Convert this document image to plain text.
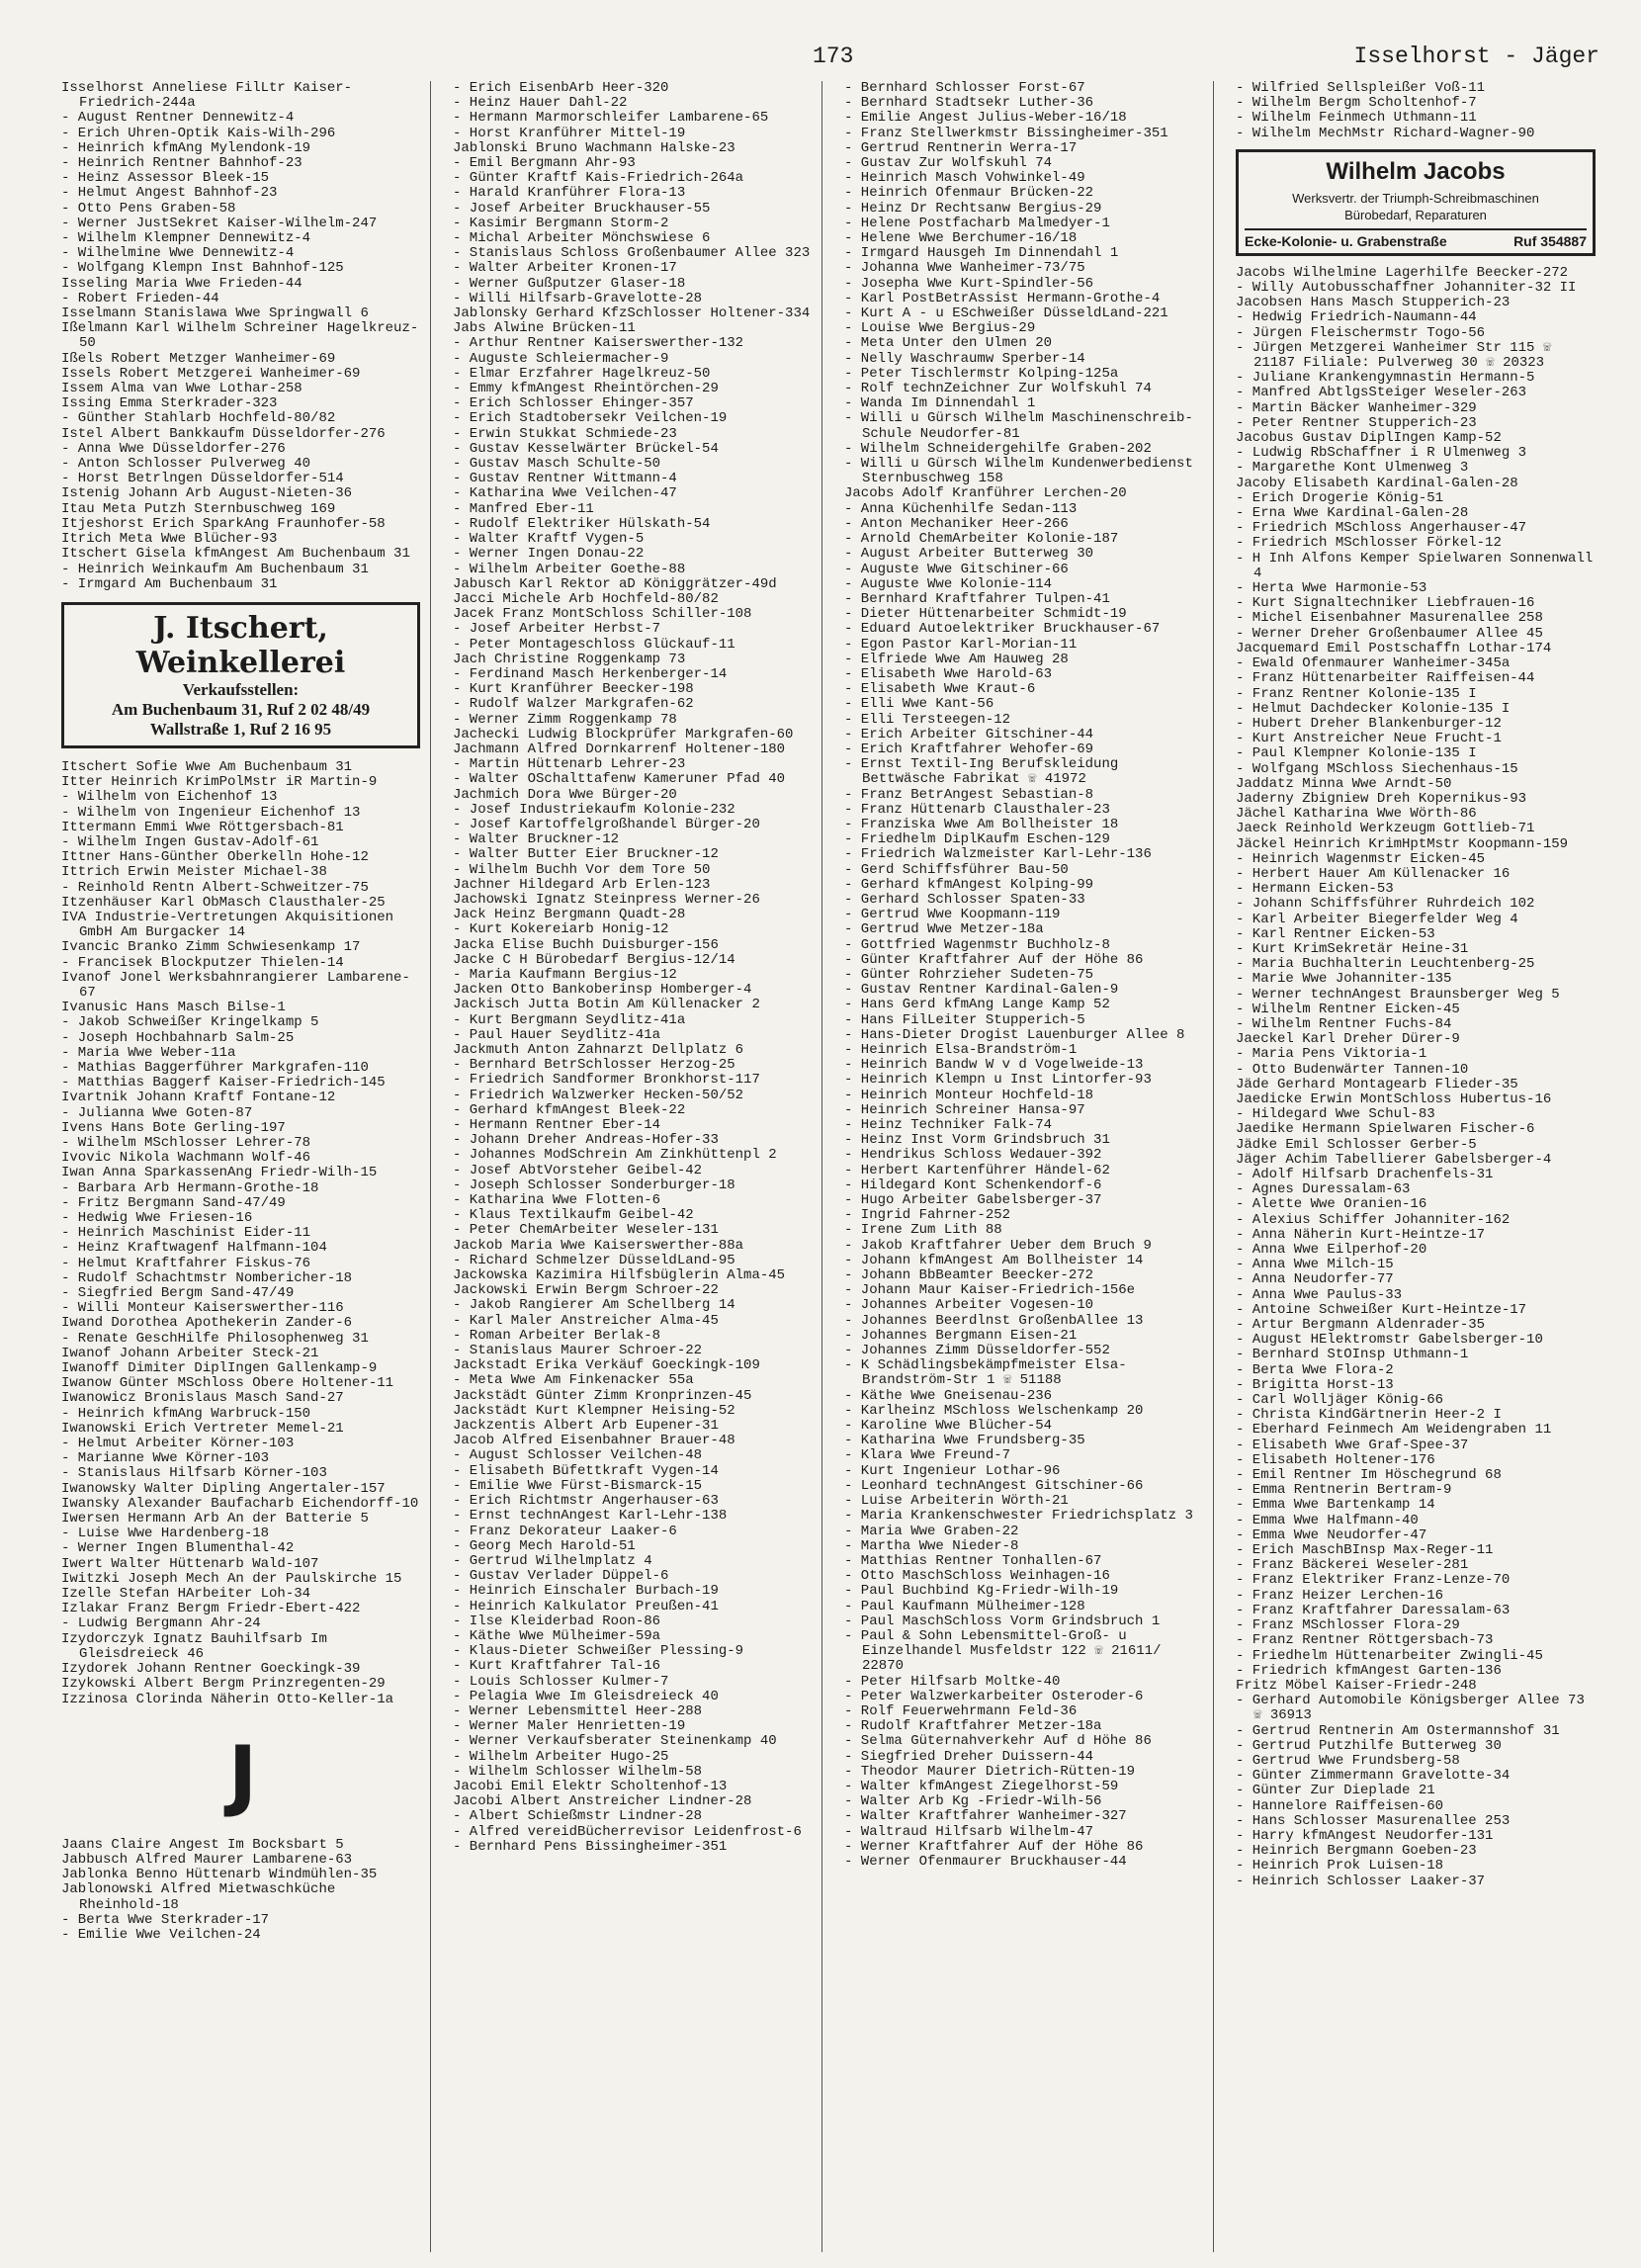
173	Isselhorst - Jäger
Isselhorst Anneliese FilLtr Kaiser-Friedrich-244a
- August Rentner Dennewitz-4
- Erich Uhren-Optik Kais-Wilh-296
- Heinrich kfmAng Mylendonk-19
- Heinrich Rentner Bahnhof-23
- Heinz Assessor Bleek-15
- Helmut Angest Bahnhof-23
- Otto Pens Graben-58
- Werner JustSekret Kaiser-Wilhelm-247
- Wilhelm Klempner Dennewitz-4
- Wilhelmine Wwe Dennewitz-4
- Wolfgang Klempn Inst Bahnhof-125
Isseling Maria Wwe Frieden-44
- Robert Frieden-44
Isselmann Stanislawa Wwe Springwall 6
Ißelmann Karl Wilhelm Schreiner Hagelkreuz-50
Ißels Robert Metzger Wanheimer-69
Issels Robert Metzgerei Wanheimer-69
Issem Alma van Wwe Lothar-258
Issing Emma Sterkrader-323
- Günther Stahlarb Hochfeld-80/82
Istel Albert Bankkaufm Düsseldorfer-276
- Anna Wwe Düsseldorfer-276
- Anton Schlosser Pulverweg 40
- Horst Betrlngen Düsseldorfer-514
Istenig Johann Arb August-Nieten-36
Itau Meta Putzh Sternbuschweg 169
Itjeshorst Erich SparkAng Fraunhofer-58
Itrich Meta Wwe Blücher-93
Itschert Gisela kfmAngest Am Buchenbaum 31
- Heinrich Weinkaufm Am Buchenbaum 31
- Irmgard Am Buchenbaum 31
J. Itschert, Weinkellerei
Verkaufsstellen:
Am Buchenbaum 31, Ruf 2 02 48/49
Wallstraße 1, Ruf 2 16 95
Itschert Sofie Wwe Am Buchenbaum 31
Itter Heinrich KrimPolMstr iR Martin-9
- Wilhelm von Eichenhof 13
- Wilhelm von Ingenieur Eichenhof 13
Ittermann Emmi Wwe Röttgersbach-81
- Wilhelm Ingen Gustav-Adolf-61
Ittner Hans-Günther Oberkelln Hohe-12
Ittrich Erwin Meister Michael-38
- Reinhold Rentn Albert-Schweitzer-75
Itzenhäuser Karl ObMasch Clausthaler-25
IVA Industrie-Vertretungen Akquisitionen GmbH Am Burgacker 14
Ivancic Branko Zimm Schwiesenkamp 17
- Francisek Blockputzer Thielen-14
Ivanof Jonel Werksbahnrangierer Lambarene-67
Ivanusic Hans Masch Bilse-1
- Jakob Schweißer Kringelkamp 5
- Joseph Hochbahnarb Salm-25
- Maria Wwe Weber-11a
- Mathias Baggerführer Markgrafen-110
- Matthias Baggerf Kaiser-Friedrich-145
Ivartnik Johann Kraftf Fontane-12
- Julianna Wwe Goten-87
Ivens Hans Bote Gerling-197
- Wilhelm MSchlosser Lehrer-78
Ivovic Nikola Wachmann Wolf-46
Iwan Anna SparkassenAng Friedr-Wilh-15
- Barbara Arb Hermann-Grothe-18
- Fritz Bergmann Sand-47/49
- Hedwig Wwe Friesen-16
- Heinrich Maschinist Eider-11
- Heinz Kraftwagenf Halfmann-104
- Helmut Kraftfahrer Fiskus-76
- Rudolf Schachtmstr Nombericher-18
- Siegfried Bergm Sand-47/49
- Willi Monteur Kaiserswerther-116
Iwand Dorothea Apothekerin Zander-6
- Renate GeschHilfe Philosophenweg 31
Iwanof Johann Arbeiter Steck-21
Iwanoff Dimiter DiplIngen Gallenkamp-9
Iwanow Günter MSchloss Obere Holtener-11
Iwanowicz Bronislaus Masch Sand-27
- Heinrich kfmAng Warbruck-150
Iwanowski Erich Vertreter Memel-21
- Helmut Arbeiter Körner-103
- Marianne Wwe Körner-103
- Stanislaus Hilfsarb Körner-103
Iwanowsky Walter Dipling Angertaler-157
Iwansky Alexander Baufacharb Eichendorff-10
Iwersen Hermann Arb An der Batterie 5
- Luise Wwe Hardenberg-18
- Werner Ingen Blumenthal-42
Iwert Walter Hüttenarb Wald-107
Iwitzki Joseph Mech An der Paulskirche 15
Izelle Stefan HArbeiter Loh-34
Izlakar Franz Bergm Friedr-Ebert-422
- Ludwig Bergmann Ahr-24
Izydorczyk Ignatz Bauhilfsarb Im Gleisdreieck 46
Izydorek Johann Rentner Goeckingk-39
Izykowski Albert Bergm Prinzregenten-29
Izzinosa Clorinda Näherin Otto-Keller-1a
J
Jaans Claire Angest Im Bocksbart 5
Jabbusch Alfred Maurer Lambarene-63
Jablonka Benno Hüttenarb Windmühlen-35
Jablonowski Alfred Mietwaschküche Rheinhold-18
- Berta Wwe Sterkrader-17
- Emilie Wwe Veilchen-24
- Erich EisenbArb Heer-320
- Heinz Hauer Dahl-22
- Hermann Marmorschleifer Lambarene-65
- Horst Kranführer Mittel-19
Jablonski Bruno Wachmann Halske-23
- Emil Bergmann Ahr-93
- Günter Kraftf Kais-Friedrich-264a
- Harald Kranführer Flora-13
- Josef Arbeiter Bruckhauser-55
- Kasimir Bergmann Storm-2
- Michal Arbeiter Mönchswiese 6
- Stanislaus Schloss Großenbaumer Allee 323
- Walter Arbeiter Kronen-17
- Werner Gußputzer Glaser-18
- Willi Hilfsarb-Gravelotte-28
Jablonsky Gerhard KfzSchlosser Holtener-334
Jabs Alwine Brücken-11
- Arthur Rentner Kaiserswerther-132
- Auguste Schleiermacher-9
- Elmar Erzfahrer Hagelkreuz-50
- Emmy kfmAngest Rheintörchen-29
- Erich Schlosser Ehinger-357
- Erich Stadtobersekr Veilchen-19
- Erwin Stukkat Schmiede-23
- Gustav Kesselwärter Brückel-54
- Gustav Masch Schulte-50
- Gustav Rentner Wittmann-4
- Katharina Wwe Veilchen-47
- Manfred Eber-11
- Rudolf Elektriker Hülskath-54
- Walter Kraftf Vygen-5
- Werner Ingen Donau-22
- Wilhelm Arbeiter Goethe-88
Jabusch Karl Rektor aD Königgrätzer-49d
Jacci Michele Arb Hochfeld-80/82
Jacek Franz MontSchloss Schiller-108
- Josef Arbeiter Herbst-7
- Peter Montageschloss Glückauf-11
Jach Christine Roggenkamp 73
- Ferdinand Masch Herkenberger-14
- Kurt Kranführer Beecker-198
- Rudolf Walzer Markgrafen-62
- Werner Zimm Roggenkamp 78
Jachecki Ludwig Blockprüfer Markgrafen-60
Jachmann Alfred Dornkarrenf Holtener-180
- Martin Hüttenarb Lehrer-23
- Walter OSchalttafenw Kameruner Pfad 40
Jachmich Dora Wwe Bürger-20
- Josef Industriekaufm Kolonie-232
- Josef Kartoffelgroßhandel Bürger-20
- Walter Bruckner-12
- Walter Butter Eier Bruckner-12
- Wilhelm Buchh Vor dem Tore 50
Jachner Hildegard Arb Erlen-123
Jachowski Ignatz Steinpress Werner-26
Jack Heinz Bergmann Quadt-28
- Kurt Kokereiarb Honig-12
Jacka Elise Buchh Duisburger-156
Jacke C H Bürobedarf Bergius-12/14
- Maria Kaufmann Bergius-12
Jacken Otto Bankoberinsp Homberger-4
Jackisch Jutta Botin Am Küllenacker 2
- Kurt Bergmann Seydlitz-41a
- Paul Hauer Seydlitz-41a
Jackmuth Anton Zahnarzt Dellplatz 6
- Bernhard BetrSchlosser Herzog-25
- Friedrich Sandformer Bronkhorst-117
- Friedrich Walzwerker Hecken-50/52
- Gerhard kfmAngest Bleek-22
- Hermann Rentner Eber-14
- Johann Dreher Andreas-Hofer-33
- Johannes ModSchrein Am Zinkhüttenpl 2
- Josef AbtVorsteher Geibel-42
- Joseph Schlosser Sonderburger-18
- Katharina Wwe Flotten-6
- Klaus Textilkaufm Geibel-42
- Peter ChemArbeiter Weseler-131
Jackob Maria Wwe Kaiserswerther-88a
- Richard Schmelzer DüsseldLand-95
Jackowska Kazimira Hilfsbüglerin Alma-45
Jackowski Erwin Bergm Schroer-22
- Jakob Rangierer Am Schellberg 14
- Karl Maler Anstreicher Alma-45
- Roman Arbeiter Berlak-8
- Stanislaus Maurer Schroer-22
Jackstadt Erika Verkäuf Goeckingk-109
- Meta Wwe Am Finkenacker 55a
Jackstädt Günter Zimm Kronprinzen-45
Jackstädt Kurt Klempner Heising-52
Jackzentis Albert Arb Eupener-31
Jacob Alfred Eisenbahner Brauer-48
- August Schlosser Veilchen-48
- Elisabeth Büfettkraft Vygen-14
- Emilie Wwe Fürst-Bismarck-15
- Erich Richtmstr Angerhauser-63
- Ernst technAngest Karl-Lehr-138
- Franz Dekorateur Laaker-6
- Georg Mech Harold-51
- Gertrud Wilhelmplatz 4
- Gustav Verlader Düppel-6
- Heinrich Einschaler Burbach-19
- Heinrich Kalkulator Preußen-41
- Ilse Kleiderbad Roon-86
- Käthe Wwe Mülheimer-59a
- Klaus-Dieter Schweißer Plessing-9
- Kurt Kraftfahrer Tal-16
- Louis Schlosser Kulmer-7
- Pelagia Wwe Im Gleisdreieck 40
- Werner Lebensmittel Heer-288
- Werner Maler Henrietten-19
- Werner Verkaufsberater Steinenkamp 40
- Wilhelm Arbeiter Hugo-25
- Wilhelm Schlosser Wilhelm-58
Jacobi Emil Elektr Scholtenhof-13
Jacobi Albert Anstreicher Lindner-28
- Albert Schießmstr Lindner-28
- Alfred vereidBücherrevisor Leidenfrost-6
- Bernhard Pens Bissingheimer-351
- Bernhard Schlosser Forst-67
- Bernhard Stadtsekr Luther-36
- Emilie Angest Julius-Weber-16/18
- Franz Stellwerkmstr Bissingheimer-351
- Gertrud Rentnerin Werra-17
- Gustav Zur Wolfskuhl 74
- Heinrich Masch Vohwinkel-49
- Heinrich Ofenmaur Brücken-22
- Heinz Dr Rechtsanw Bergius-29
- Helene Postfacharb Malmedyer-1
- Helene Wwe Berchumer-16/18
- Irmgard Hausgeh Im Dinnendahl 1
- Johanna Wwe Wanheimer-73/75
- Josepha Wwe Kurt-Spindler-56
- Karl PostBetrAssist Hermann-Grothe-4
- Kurt A - u ESchweißer DüsseldLand-221
- Louise Wwe Bergius-29
- Meta Unter den Ulmen 20
- Nelly Waschraumw Sperber-14
- Peter Tischlermstr Kolping-125a
- Rolf technZeichner Zur Wolfskuhl 74
- Wanda Im Dinnendahl 1
- Willi u Gürsch Wilhelm Maschinenschreib-Schule Neudorfer-81
- Wilhelm Schneidergehilfe Graben-202
- Willi u Gürsch Wilhelm Kundenwerbedienst Sternbuschweg 158
Jacobs Adolf Kranführer Lerchen-20
- Anna Küchenhilfe Sedan-113
- Anton Mechaniker Heer-266
- Arnold ChemArbeiter Kolonie-187
- August Arbeiter Butterweg 30
- Auguste Wwe Gitschiner-66
- Auguste Wwe Kolonie-114
- Bernhard Kraftfahrer Tulpen-41
- Dieter Hüttenarbeiter Schmidt-19
- Eduard Autoelektriker Bruckhauser-67
- Egon Pastor Karl-Morian-11
- Elfriede Wwe Am Hauweg 28
- Elisabeth Wwe Harold-63
- Elisabeth Wwe Kraut-6
- Elli Wwe Kant-56
- Elli Tersteegen-12
- Erich Arbeiter Gitschiner-44
- Erich Kraftfahrer Wehofer-69
- Ernst Textil-Ing Berufskleidung Bettwäsche Fabrikat ☏ 41972
- Franz BetrAngest Sebastian-8
- Franz Hüttenarb Clausthaler-23
- Franziska Wwe Am Bollheister 18
- Friedhelm DiplKaufm Eschen-129
- Friedrich Walzmeister Karl-Lehr-136
- Gerd Schiffsführer Bau-50
- Gerhard kfmAngest Kolping-99
- Gerhard Schlosser Spaten-33
- Gertrud Wwe Koopmann-119
- Gertrud Wwe Metzer-18a
- Gottfried Wagenmstr Buchholz-8
- Günter Kraftfahrer Auf der Höhe 86
- Günter Rohrzieher Sudeten-75
- Gustav Rentner Kardinal-Galen-9
- Hans Gerd kfmAng Lange Kamp 52
- Hans FilLeiter Stupperich-5
- Hans-Dieter Drogist Lauenburger Allee 8
- Heinrich Elsa-Brandström-1
- Heinrich Bandw W v d Vogelweide-13
- Heinrich Klempn u Inst Lintorfer-93
- Heinrich Monteur Hochfeld-18
- Heinrich Schreiner Hansa-97
- Heinz Techniker Falk-74
- Heinz Inst Vorm Grindsbruch 31
- Hendrikus Schloss Wedauer-392
- Herbert Kartenführer Händel-62
- Hildegard Kont Schenkendorf-6
- Hugo Arbeiter Gabelsberger-37
- Ingrid Fahrner-252
- Irene Zum Lith 88
- Jakob Kraftfahrer Ueber dem Bruch 9
- Johann kfmAngest Am Bollheister 14
- Johann BbBeamter Beecker-272
- Johann Maur Kaiser-Friedrich-156e
- Johannes Arbeiter Vogesen-10
- Johannes Beerdlnst GroßenbAllee 13
- Johannes Bergmann Eisen-21
- Johannes Zimm Düsseldorfer-552
- K Schädlingsbekämpfmeister Elsa-Brandström-Str 1 ☏ 51188
- Käthe Wwe Gneisenau-236
- Karlheinz MSchloss Welschenkamp 20
- Karoline Wwe Blücher-54
- Katharina Wwe Frundsberg-35
- Klara Wwe Freund-7
- Kurt Ingenieur Lothar-96
- Leonhard technAngest Gitschiner-66
- Luise Arbeiterin Wörth-21
- Maria Krankenschwester Friedrichsplatz 3
- Maria Wwe Graben-22
- Martha Wwe Nieder-8
- Matthias Rentner Tonhallen-67
- Otto MaschSchloss Weinhagen-16
- Paul Buchbind Kg-Friedr-Wilh-19
- Paul Kaufmann Mülheimer-128
- Paul MaschSchloss Vorm Grindsbruch 1
- Paul & Sohn Lebensmittel-Groß- u Einzelhandel Musfeldstr 122 ☏ 21611/ 22870
- Peter Hilfsarb Moltke-40
- Peter Walzwerkarbeiter Osteroder-6
- Rolf Feuerwehrmann Feld-36
- Rudolf Kraftfahrer Metzer-18a
- Selma Güternahverkehr Auf d Höhe 86
- Siegfried Dreher Duissern-44
- Theodor Maurer Dietrich-Rütten-19
- Walter kfmAngest Ziegelhorst-59
- Walter Arb Kg -Friedr-Wilh-56
- Walter Kraftfahrer Wanheimer-327
- Waltraud Hilfsarb Wilhelm-47
- Werner Kraftfahrer Auf der Höhe 86
- Werner Ofenmaurer Bruckhauser-44
- Wilfried Sellspleißer Voß-11
- Wilhelm Bergm Scholtenhof-7
- Wilhelm Feinmech Uthmann-11
- Wilhelm MechMstr Richard-Wagner-90
Wilhelm Jacobs
Werksvertr. der Triumph-Schreibmaschinen
Bürobedarf, Reparaturen
Ecke-Kolonie- u. Grabenstraße	Ruf 354887
Jacobs Wilhelmine Lagerhilfe Beecker-272
- Willy Autobusschaffner Johanniter-32 II
Jacobsen Hans Masch Stupperich-23
- Hedwig Friedrich-Naumann-44
- Jürgen Fleischermstr Togo-56
- Jürgen Metzgerei Wanheimer Str 115 ☏ 21187 Filiale: Pulverweg 30 ☏ 20323
- Juliane Krankengymnastin Hermann-5
- Manfred AbtlgsSteiger Weseler-263
- Martin Bäcker Wanheimer-329
- Peter Rentner Stupperich-23
Jacobus Gustav DiplIngen Kamp-52
- Ludwig RbSchaffner i R Ulmenweg 3
- Margarethe Kont Ulmenweg 3
Jacoby Elisabeth Kardinal-Galen-28
- Erich Drogerie König-51
- Erna Wwe Kardinal-Galen-28
- Friedrich MSchloss Angerhauser-47
- Friedrich MSchlosser Förkel-12
- H Inh Alfons Kemper Spielwaren Sonnenwall 4
- Herta Wwe Harmonie-53
- Kurt Signaltechniker Liebfrauen-16
- Michel Eisenbahner Masurenallee 258
- Werner Dreher Großenbaumer Allee 45
Jacquemard Emil Postschaffn Lothar-174
- Ewald Ofenmaurer Wanheimer-345a
- Franz Hüttenarbeiter Raiffeisen-44
- Franz Rentner Kolonie-135 I
- Helmut Dachdecker Kolonie-135 I
- Hubert Dreher Blankenburger-12
- Kurt Anstreicher Neue Frucht-1
- Paul Klempner Kolonie-135 I
- Wolfgang MSchloss Siechenhaus-15
Jaddatz Minna Wwe Arndt-50
Jaderny Zbigniew Dreh Kopernikus-93
Jächel Katharina Wwe Wörth-86
Jaeck Reinhold Werkzeugm Gottlieb-71
Jäckel Heinrich KrimHptMstr Koopmann-159
- Heinrich Wagenmstr Eicken-45
- Herbert Hauer Am Küllenacker 16
- Hermann Eicken-53
- Johann Schiffsführer Ruhrdeich 102
- Karl Arbeiter Biegerfelder Weg 4
- Karl Rentner Eicken-53
- Kurt KrimSekretär Heine-31
- Maria Buchhalterin Leuchtenberg-25
- Marie Wwe Johanniter-135
- Werner technAngest Braunsberger Weg 5
- Wilhelm Rentner Eicken-45
- Wilhelm Rentner Fuchs-84
Jaeckel Karl Dreher Dürer-9
- Maria Pens Viktoria-1
- Otto Budenwärter Tannen-10
Jäde Gerhard Montagearb Flieder-35
Jaedicke Erwin MontSchloss Hubertus-16
- Hildegard Wwe Schul-83
Jaedike Hermann Spielwaren Fischer-6
Jädke Emil Schlosser Gerber-5
Jäger Achim Tabellierer Gabelsberger-4
- Adolf Hilfsarb Drachenfels-31
- Agnes Duressalam-63
- Alette Wwe Oranien-16
- Alexius Schiffer Johanniter-162
- Anna Näherin Kurt-Heintze-17
- Anna Wwe Eilperhof-20
- Anna Wwe Milch-15
- Anna Neudorfer-77
- Anna Wwe Paulus-33
- Antoine Schweißer Kurt-Heintze-17
- Artur Bergmann Aldenrader-35
- August HElektromstr Gabelsberger-10
- Bernhard StOInsp Uthmann-1
- Berta Wwe Flora-2
- Brigitta Horst-13
- Carl Wolljäger König-66
- Christa KindGärtnerin Heer-2 I
- Eberhard Feinmech Am Weidengraben 11
- Elisabeth Wwe Graf-Spee-37
- Elisabeth Holtener-176
- Emil Rentner Im Höschegrund 68
- Emma Rentnerin Bertram-9
- Emma Wwe Bartenkamp 14
- Emma Wwe Halfmann-40
- Emma Wwe Neudorfer-47
- Erich MaschBInsp Max-Reger-11
- Franz Bäckerei Weseler-281
- Franz Elektriker Franz-Lenze-70
- Franz Heizer Lerchen-16
- Franz Kraftfahrer Daressalam-63
- Franz MSchlosser Flora-29
- Franz Rentner Röttgersbach-73
- Friedhelm Hüttenarbeiter Zwingli-45
- Friedrich kfmAngest Garten-136
Fritz Möbel Kaiser-Friedr-248
- Gerhard Automobile Königsberger Allee 73 ☏ 36913
- Gertrud Rentnerin Am Ostermannshof 31
- Gertrud Putzhilfe Butterweg 30
- Gertrud Wwe Frundsberg-58
- Günter Zimmermann Gravelotte-34
- Günter Zur Dieplade 21
- Hannelore Raiffeisen-60
- Hans Schlosser Masurenallee 253
- Harry kfmAngest Neudorfer-131
- Heinrich Bergmann Goeben-23
- Heinrich Prok Luisen-18
- Heinrich Schlosser Laaker-37
